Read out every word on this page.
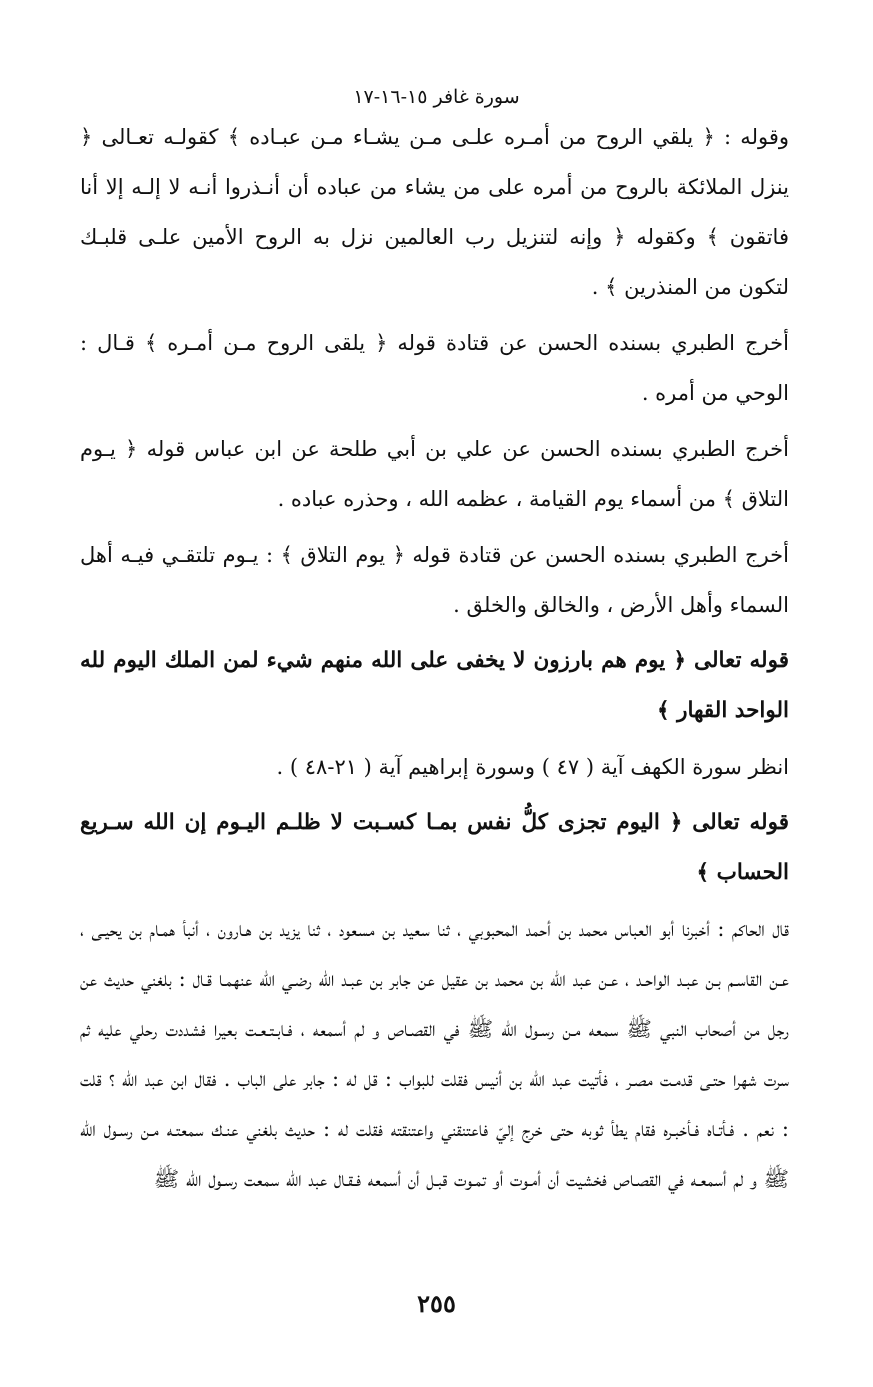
سورة غافر ١٥-١٦-١٧

وقوله : ﴿ يلقي الروح من أمـره علـى مـن يشـاء مـن عبـاده ﴾ كقولـه تعـالى ﴿ ينزل الملائكة بالروح من أمره على من يشاء من عباده أن أنـذروا أنـه لا إلـه إلا أنا فاتقون ﴾ وكقوله ﴿ وإنه لتنزيل رب العالمين نزل به الروح الأمين علـى قلبـك لتكون من المنذرين ﴾ .

أخرج الطبري بسنده الحسن عن قتادة قوله ﴿ يلقى الروح مـن أمـره ﴾ قـال : الوحي من أمره .

أخرج الطبري بسنده الحسن عن علي بن أبي طلحة عن ابن عباس قوله ﴿ يـوم التلاق ﴾ من أسماء يوم القيامة ، عظمه الله ، وحذره عباده .

أخرج الطبري بسنده الحسن عن قتادة قوله ﴿ يوم التلاق ﴾ : يـوم تلتقـي فيـه أهل السماء وأهل الأرض ، والخالق والخلق .

قوله تعالى ﴿ يوم هم بارزون لا يخفى على الله منهم شيء لمن الملك اليوم لله الواحد القهار ﴾

انظر سورة الكهف آية ( ٤٧ ) وسورة إبراهيم آية ( ٢١-٤٨ ) .

قوله تعالى ﴿ اليوم تجزى كلُّ نفس بمـا كسـبت لا ظلـم اليـوم إن الله سـريع الحساب ﴾

قال الحاكم : أخبرنا أبو العباس محمد بن أحمد المحبوبي ، ثنا سعيد بن مسعود ، ثنا يزيد بن هـارون ، أنبأ همـام بن يحيـى ، عـن القاسـم بـن عبـد الواحـد ، عـن عبد الله بن محمد بن عقيل عن جابر بن عبـد الله رضـي الله عنهمـا قـال : بلغني حديث عن رجل من أصحاب النبي ﷺ سمعه مـن رسـول الله ﷺ في القصـاص و لم أسمعه ، فـابـتـعـت بعيرا فشددت رحلي عليه ثم سرت شهرا حتـى قدمـت مصـر ، فأتيت عبد الله بن أنيس فقلت للبواب : قل له : جابر على الباب . فقال ابن عبد الله ؟ قلت : نعم . فـأتـاه فـأخبـره فقام يطأ ثوبه حتى خرج إليّ فاعتنقني واعتنقته فقلت له : حديث بلغني عنـك سمعتـه مـن رسـول الله ﷺ و لم أسمعـه في القصـاص فخشيت أن أمـوت أو تمـوت قبـل أن أسمعه فـقـال عبد الله سمعت رسـول الله ﷺ

٢٥٥
